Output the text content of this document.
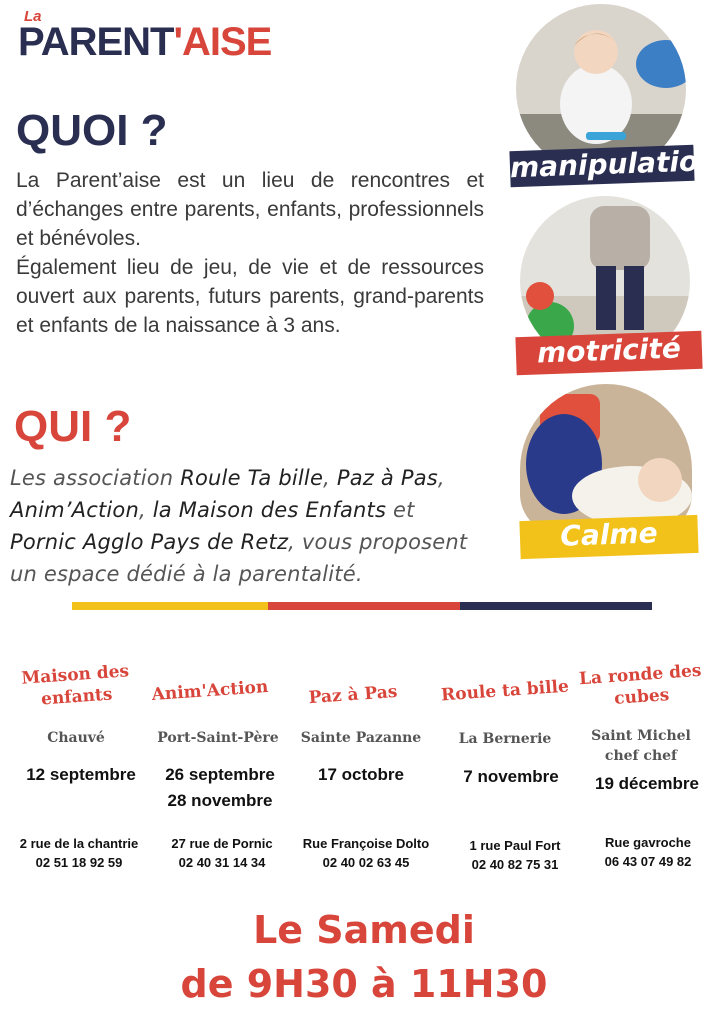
La
PARENT'AISE
QUOI ?

La Parent’aise est un lieu de rencontres et d’échanges entre parents, enfants, professionnels et bénévoles.

Également lieu de jeu, de vie et de ressources ouvert aux parents, futurs parents, grand-parents et enfants de la naissance à 3 ans.

QUI ?
Les association Roule Ta bille, Paz à Pas,
Anim’Action, la Maison des Enfants et
Pornic Agglo Pays de Retz, vous proposent
un espace dédié à la parentalité.
manipulation
motricité
Calme
Maison des
enfants
Chauvé
12 septembre
2 rue de la chantrie
02 51 18 92 59
Anim'Action
Port-Saint-Père
26 septembre
28 novembre
27 rue de Pornic
02 40 31 14 34
Paz à Pas
Sainte Pazanne
17 octobre
Rue Françoise Dolto
02 40 02 63 45
Roule ta bille
La Bernerie
7 novembre
1 rue Paul Fort
02 40 82 75 31
La ronde des
cubes
Saint Michel
chef chef
19 décembre
Rue gavroche
06 43 07 49 82
Le Samedi
de 9H30 à 11H30
